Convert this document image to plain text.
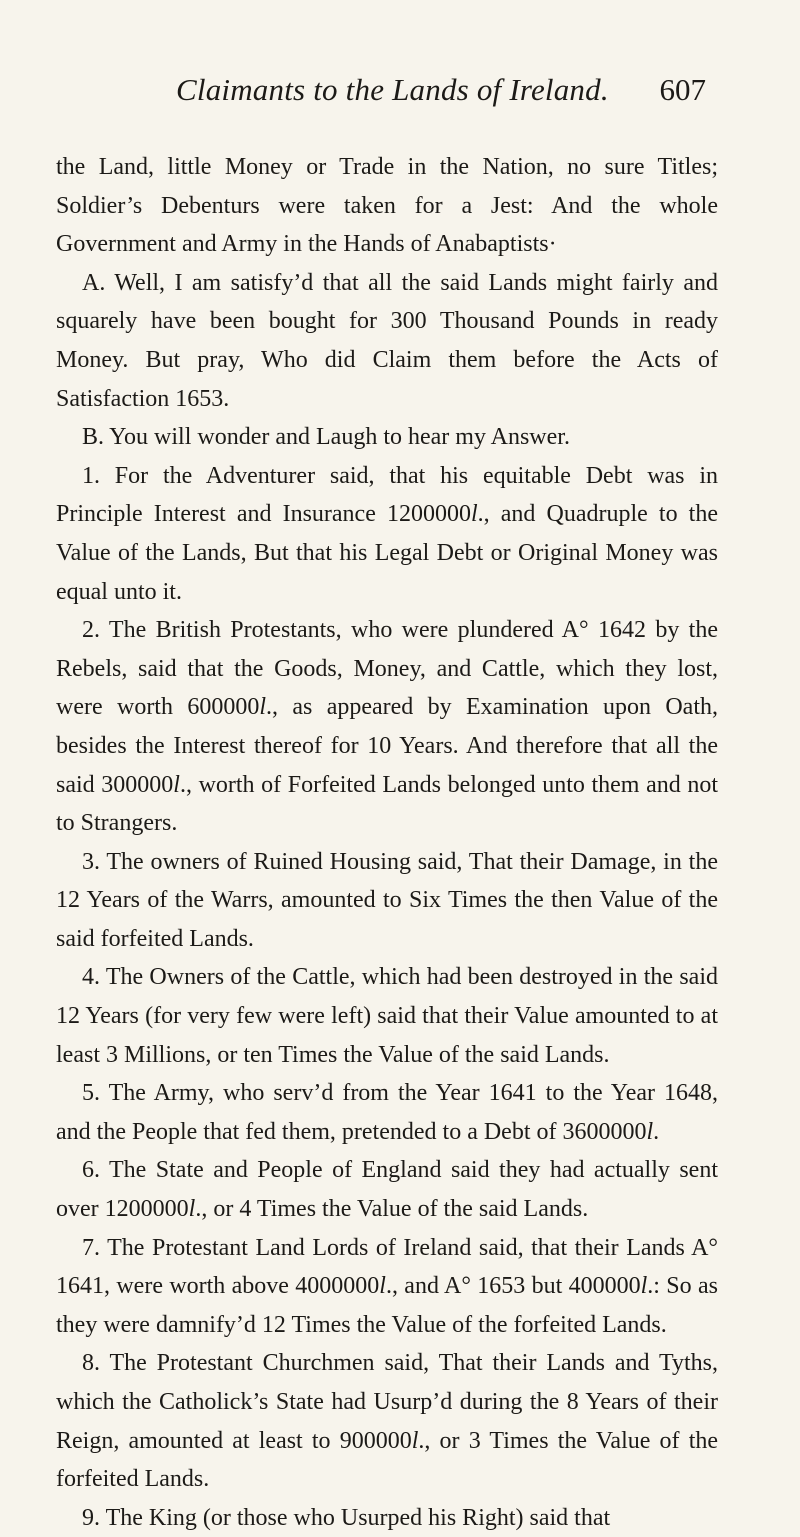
Claimants to the Lands of Ireland. 607

the Land, little Money or Trade in the Nation, no sure Titles; Soldier’s Debenturs were taken for a Jest: And the whole Government and Army in the Hands of Anabaptists·

A. Well, I am satisfy’d that all the said Lands might fairly and squarely have been bought for 300 Thousand Pounds in ready Money. But pray, Who did Claim them before the Acts of Satisfaction 1653.

B. You will wonder and Laugh to hear my Answer.

1. For the Adventurer said, that his equitable Debt was in Principle Interest and Insurance 1200000l., and Quadruple to the Value of the Lands, But that his Legal Debt or Original Money was equal unto it.

2. The British Protestants, who were plundered A° 1642 by the Rebels, said that the Goods, Money, and Cattle, which they lost, were worth 600000l., as appeared by Examination upon Oath, besides the Interest thereof for 10 Years. And therefore that all the said 300000l., worth of Forfeited Lands belonged unto them and not to Strangers.

3. The owners of Ruined Housing said, That their Damage, in the 12 Years of the Warrs, amounted to Six Times the then Value of the said forfeited Lands.

4. The Owners of the Cattle, which had been destroyed in the said 12 Years (for very few were left) said that their Value amounted to at least 3 Millions, or ten Times the Value of the said Lands.

5. The Army, who serv’d from the Year 1641 to the Year 1648, and the People that fed them, pretended to a Debt of 3600000l.

6. The State and People of England said they had actually sent over 1200000l., or 4 Times the Value of the said Lands.

7. The Protestant Land Lords of Ireland said, that their Lands A° 1641, were worth above 4000000l., and A° 1653 but 400000l.: So as they were damnify’d 12 Times the Value of the forfeited Lands.

8. The Protestant Churchmen said, That their Lands and Tyths, which the Catholick’s State had Usurp’d during the 8 Years of their Reign, amounted at least to 900000l., or 3 Times the Value of the forfeited Lands.

9. The King (or those who Usurped his Right) said that
